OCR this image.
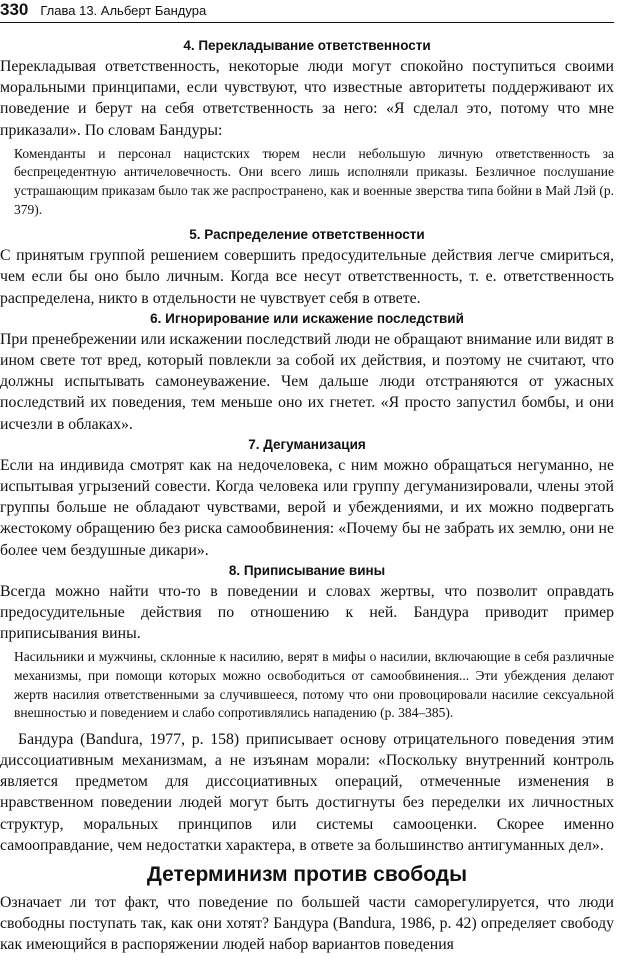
330 Глава 13. Альберт Бандура

4. Перекладывание ответственности

Перекладывая ответственность, некоторые люди могут спокойно поступиться своими моральными принципами, если чувствуют, что известные авторитеты поддерживают их поведение и берут на себя ответственность за него: «Я сделал это, потому что мне приказали». По словам Бандуры:

Коменданты и персонал нацистских тюрем несли небольшую личную ответственность за беспрецедентную античеловечность. Они всего лишь исполняли приказы. Безличное послушание устрашающим приказам было так же распространено, как и военные зверства типа бойни в Май Лэй (р. 379).

5. Распределение ответственности

С принятым группой решением совершить предосудительные действия легче смириться, чем если бы оно было личным. Когда все несут ответственность, т. е. ответственность распределена, никто в отдельности не чувствует себя в ответе.

6. Игнорирование или искажение последствий

При пренебрежении или искажении последствий люди не обращают внимание или видят в ином свете тот вред, который повлекли за собой их действия, и поэтому не считают, что должны испытывать самонеуважение. Чем дальше люди отстраняются от ужасных последствий их поведения, тем меньше оно их гнетет. «Я просто запустил бомбы, и они исчезли в облаках».

7. Дегуманизация

Если на индивида смотрят как на недочеловека, с ним можно обращаться негуманно, не испытывая угрызений совести. Когда человека или группу дегуманизировали, члены этой группы больше не обладают чувствами, верой и убеждениями, и их можно подвергать жестокому обращению без риска самообвинения: «Почему бы не забрать их землю, они не более чем бездушные дикари».

8. Приписывание вины

Всегда можно найти что-то в поведении и словах жертвы, что позволит оправдать предосудительные действия по отношению к ней. Бандура приводит пример приписывания вины.

Насильники и мужчины, склонные к насилию, верят в мифы о насилии, включающие в себя различные механизмы, при помощи которых можно освободиться от самообвинения... Эти убеждения делают жертв насилия ответственными за случившееся, потому что они провоцировали насилие сексуальной внешностью и поведением и слабо сопротивлялись нападению (р. 384–385).

Бандура (Bandura, 1977, р. 158) приписывает основу отрицательного поведения этим диссоциативным механизмам, а не изъянам морали: «Поскольку внутренний контроль является предметом для диссоциативных операций, отмеченные изменения в нравственном поведении людей могут быть достигнуты без переделки их личностных структур, моральных принципов или системы самооценки. Скорее именно самооправдание, чем недостатки характера, в ответе за большинство антигуманных дел».

Детерминизм против свободы

Означает ли тот факт, что поведение по большей части саморегулируется, что люди свободны поступать так, как они хотят? Бандура (Bandura, 1986, р. 42) определяет свободу как имеющийся в распоряжении людей набор вариантов поведения
